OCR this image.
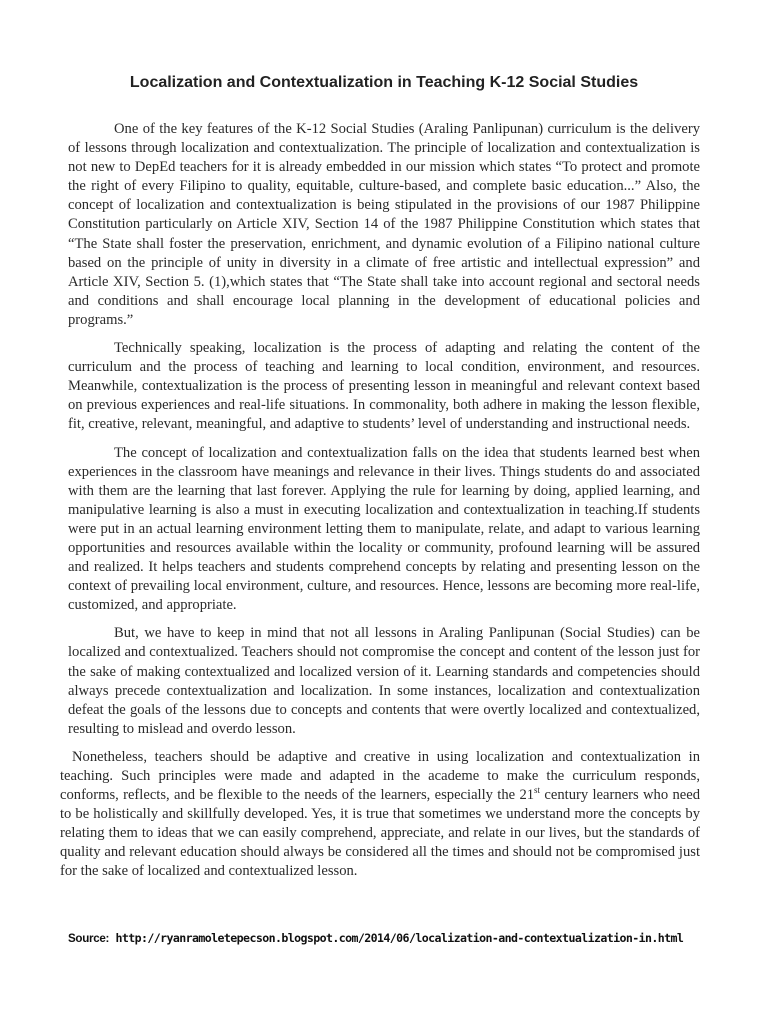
Localization and Contextualization in Teaching K-12 Social Studies

One of the key features of the K-12 Social Studies (Araling Panlipunan) curriculum is the delivery of lessons through localization and contextualization. The principle of localization and contextualization is not new to DepEd teachers for it is already embedded in our mission which states “To protect and promote the right of every Filipino to quality, equitable, culture-based, and complete basic education...” Also, the concept of localization and contextualization is being stipulated in the provisions of our 1987 Philippine Constitution particularly on Article XIV, Section 14 of the 1987 Philippine Constitution which states that “The State shall foster the preservation, enrichment, and dynamic evolution of a Filipino national culture based on the principle of unity in diversity in a climate of free artistic and intellectual expression” and Article XIV, Section 5. (1),which states that “The State shall take into account regional and sectoral needs and conditions and shall encourage local planning in the development of educational policies and programs.”

Technically speaking, localization is the process of adapting and relating the content of the curriculum and the process of teaching and learning to local condition, environment, and resources. Meanwhile, contextualization is the process of presenting lesson in meaningful and relevant context based on previous experiences and real-life situations. In commonality, both adhere in making the lesson flexible, fit, creative, relevant, meaningful, and adaptive to students’ level of understanding and instructional needs.

The concept of localization and contextualization falls on the idea that students learned best when experiences in the classroom have meanings and relevance in their lives. Things students do and associated with them are the learning that last forever. Applying the rule for learning by doing, applied learning, and manipulative learning is also a must in executing localization and contextualization in teaching.If students were put in an actual learning environment letting them to manipulate, relate, and adapt to various learning opportunities and resources available within the locality or community, profound learning will be assured and realized. It helps teachers and students comprehend concepts by relating and presenting lesson on the context of prevailing local environment, culture, and resources. Hence, lessons are becoming more real-life, customized, and appropriate.

But, we have to keep in mind that not all lessons in Araling Panlipunan (Social Studies) can be localized and contextualized. Teachers should not compromise the concept and content of the lesson just for the sake of making contextualized and localized version of it. Learning standards and competencies should always precede contextualization and localization. In some instances, localization and contextualization defeat the goals of the lessons due to concepts and contents that were overtly localized and contextualized, resulting to mislead and overdo lesson.

Nonetheless, teachers should be adaptive and creative in using localization and contextualization in teaching. Such principles were made and adapted in the academe to make the curriculum responds, conforms, reflects, and be flexible to the needs of the learners, especially the 21st century learners who need to be holistically and skillfully developed. Yes, it is true that sometimes we understand more the concepts by relating them to ideas that we can easily comprehend, appreciate, and relate in our lives, but the standards of quality and relevant education should always be considered all the times and should not be compromised just for the sake of localized and contextualized lesson.

Source: http://ryanramoletepecson.blogspot.com/2014/06/localization-and-contextualization-in.html
